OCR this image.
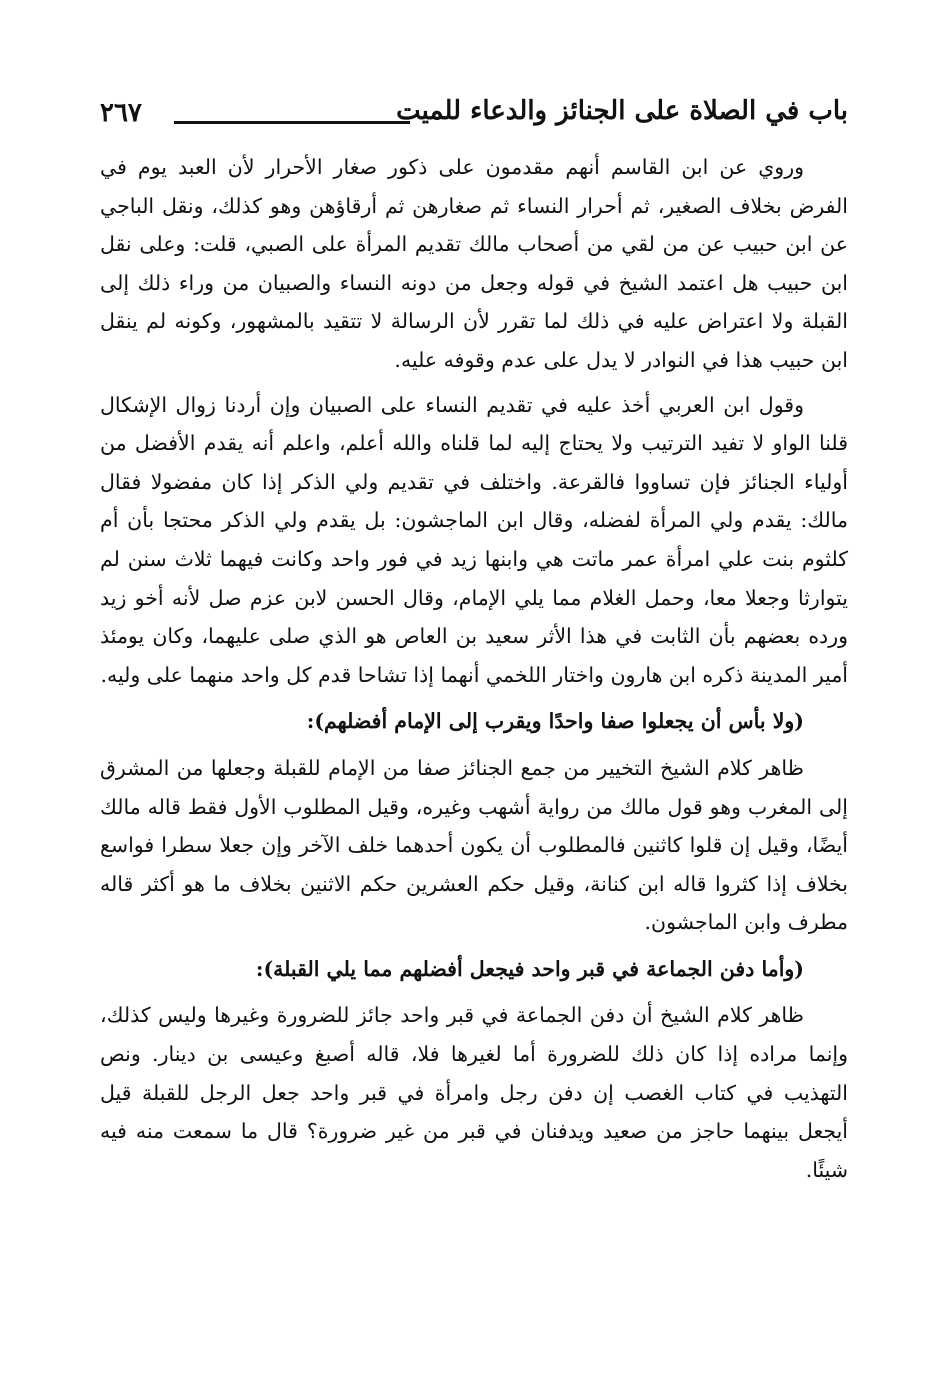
باب في الصلاة على الجنائز والدعاء للميت
٢٦٧

وروي عن ابن القاسم أنهم مقدمون على ذكور صغار الأحرار لأن العبد يوم في الفرض بخلاف الصغير، ثم أحرار النساء ثم صغارهن ثم أرقاؤهن وهو كذلك، ونقل الباجي عن ابن حبيب عن من لقي من أصحاب مالك تقديم المرأة على الصبي، قلت: وعلى نقل ابن حبيب هل اعتمد الشيخ في قوله وجعل من دونه النساء والصبيان من وراء ذلك إلى القبلة ولا اعتراض عليه في ذلك لما تقرر لأن الرسالة لا تتقيد بالمشهور، وكونه لم ينقل ابن حبيب هذا في النوادر لا يدل على عدم وقوفه عليه.

وقول ابن العربي أخذ عليه في تقديم النساء على الصبيان وإن أردنا زوال الإشكال قلنا الواو لا تفيد الترتيب ولا يحتاج إليه لما قلناه والله أعلم، واعلم أنه يقدم الأفضل من أولياء الجنائز فإن تساووا فالقرعة. واختلف في تقديم ولي الذكر إذا كان مفضولا فقال مالك: يقدم ولي المرأة لفضله، وقال ابن الماجشون: بل يقدم ولي الذكر محتجا بأن أم كلثوم بنت علي امرأة عمر ماتت هي وابنها زيد في فور واحد وكانت فيهما ثلاث سنن لم يتوارثا وجعلا معا، وحمل الغلام مما يلي الإمام، وقال الحسن لابن عزم صل لأنه أخو زيد ورده بعضهم بأن الثابت في هذا الأثر سعيد بن العاص هو الذي صلى عليهما، وكان يومئذ أمير المدينة ذكره ابن هارون واختار اللخمي أنهما إذا تشاحا قدم كل واحد منهما على وليه.

(ولا بأس أن يجعلوا صفا واحدًا ويقرب إلى الإمام أفضلهم):

ظاهر كلام الشيخ التخيير من جمع الجنائز صفا من الإمام للقبلة وجعلها من المشرق إلى المغرب وهو قول مالك من رواية أشهب وغيره، وقيل المطلوب الأول فقط قاله مالك أيضًا، وقيل إن قلوا كاثنين فالمطلوب أن يكون أحدهما خلف الآخر وإن جعلا سطرا فواسع بخلاف إذا كثروا قاله ابن كنانة، وقيل حكم العشرين حكم الاثنين بخلاف ما هو أكثر قاله مطرف وابن الماجشون.

(وأما دفن الجماعة في قبر واحد فيجعل أفضلهم مما يلي القبلة):

ظاهر كلام الشيخ أن دفن الجماعة في قبر واحد جائز للضرورة وغيرها وليس كذلك، وإنما مراده إذا كان ذلك للضرورة أما لغيرها فلا، قاله أصبغ وعيسى بن دينار. ونص التهذيب في كتاب الغصب إن دفن رجل وامرأة في قبر واحد جعل الرجل للقبلة قيل أيجعل بينهما حاجز من صعيد ويدفنان في قبر من غير ضرورة؟ قال ما سمعت منه فيه شيئًا.
